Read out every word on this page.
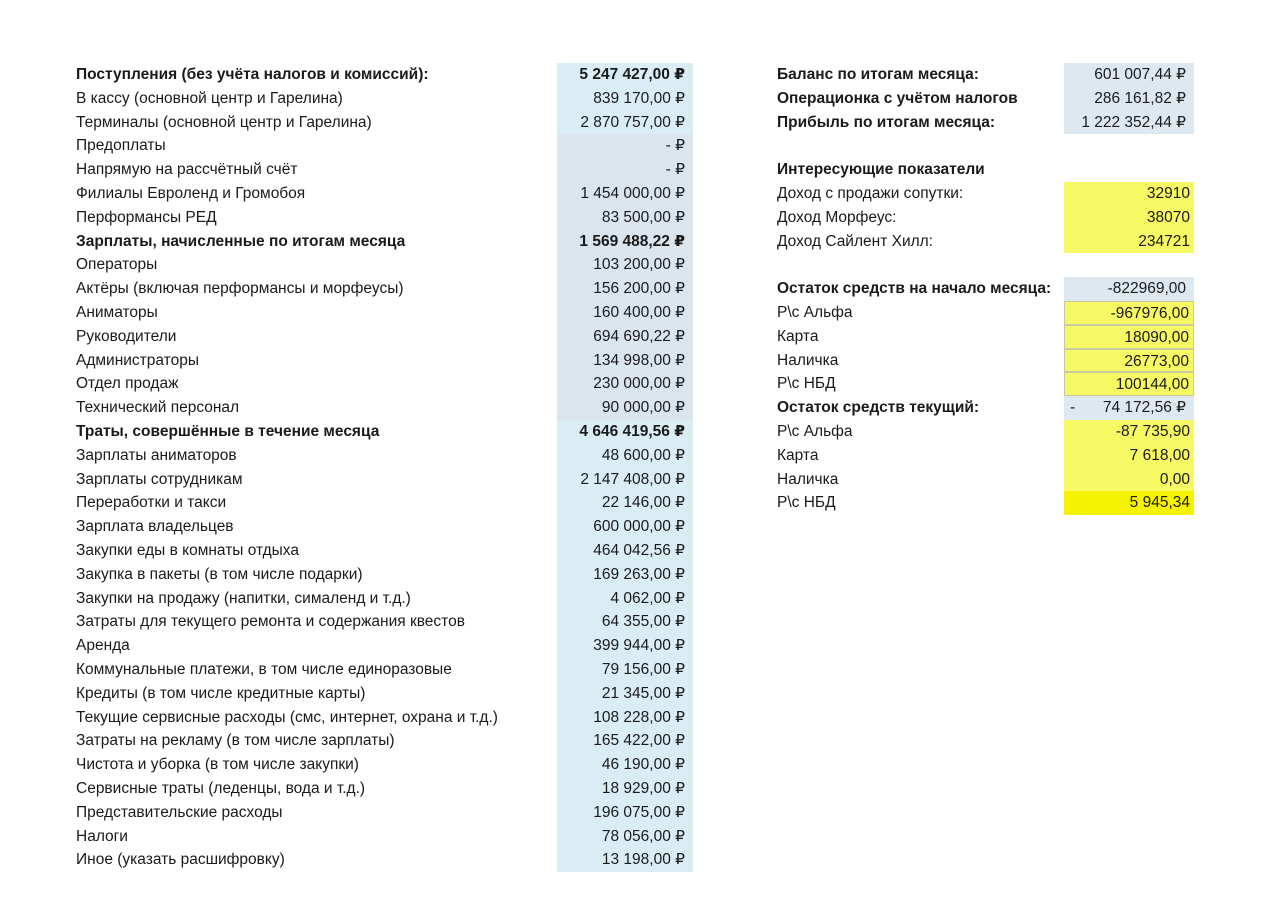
Поступления (без учёта налогов и комиссий):	5 247 427,00 ₽
В кассу (основной центр и Гарелина)	839 170,00 ₽
Терминалы (основной центр и Гарелина)	2 870 757,00 ₽
Предоплаты	- ₽
Напрямую на рассчётный счёт	- ₽
Филиалы Евроленд и Громобоя	1 454 000,00 ₽
Перформансы РЕД	83 500,00 ₽
Зарплаты, начисленные по итогам месяца	1 569 488,22 ₽
Операторы	103 200,00 ₽
Актёры (включая перформансы и морфеусы)	156 200,00 ₽
Аниматоры	160 400,00 ₽
Руководители	694 690,22 ₽
Администраторы	134 998,00 ₽
Отдел продаж	230 000,00 ₽
Технический персонал	90 000,00 ₽
Траты, совершённые в течение месяца	4 646 419,56 ₽
Зарплаты аниматоров	48 600,00 ₽
Зарплаты сотрудникам	2 147 408,00 ₽
Переработки и такси	22 146,00 ₽
Зарплата владельцев	600 000,00 ₽
Закупки еды в комнаты отдыха	464 042,56 ₽
Закупка в пакеты (в том числе подарки)	169 263,00 ₽
Закупки на продажу (напитки, сималенд и т.д.)	4 062,00 ₽
Затраты для текущего ремонта и содержания квестов	64 355,00 ₽
Аренда	399 944,00 ₽
Коммунальные платежи, в том числе единоразовые	79 156,00 ₽
Кредиты (в том числе кредитные карты)	21 345,00 ₽
Текущие сервисные расходы (смс, интернет, охрана и т.д.)	108 228,00 ₽
Затраты на рекламу (в том числе зарплаты)	165 422,00 ₽
Чистота и уборка (в том числе закупки)	46 190,00 ₽
Сервисные траты (леденцы, вода и т.д.)	18 929,00 ₽
Представительские расходы	196 075,00 ₽
Налоги	78 056,00 ₽
Иное (указать расшифровку)	13 198,00 ₽
Баланс по итогам месяца:	601 007,44 ₽
Операционка с учётом налогов	286 161,82 ₽
Прибыль по итогам месяца:	1 222 352,44 ₽
Интересующие показатели
Доход с продажи сопутки:	32910
Доход Морфеус:	38070
Доход Сайлент Хилл:	234721
Остаток средств на начало месяца:	-822969,00
Р\с Альфа	-967976,00
Карта	18090,00
Наличка	26773,00
Р\с НБД	100144,00
Остаток средств текущий:	- 74 172,56 ₽
Р\с Альфа	-87 735,90
Карта	7 618,00
Наличка	0,00
Р\с НБД	5 945,34
